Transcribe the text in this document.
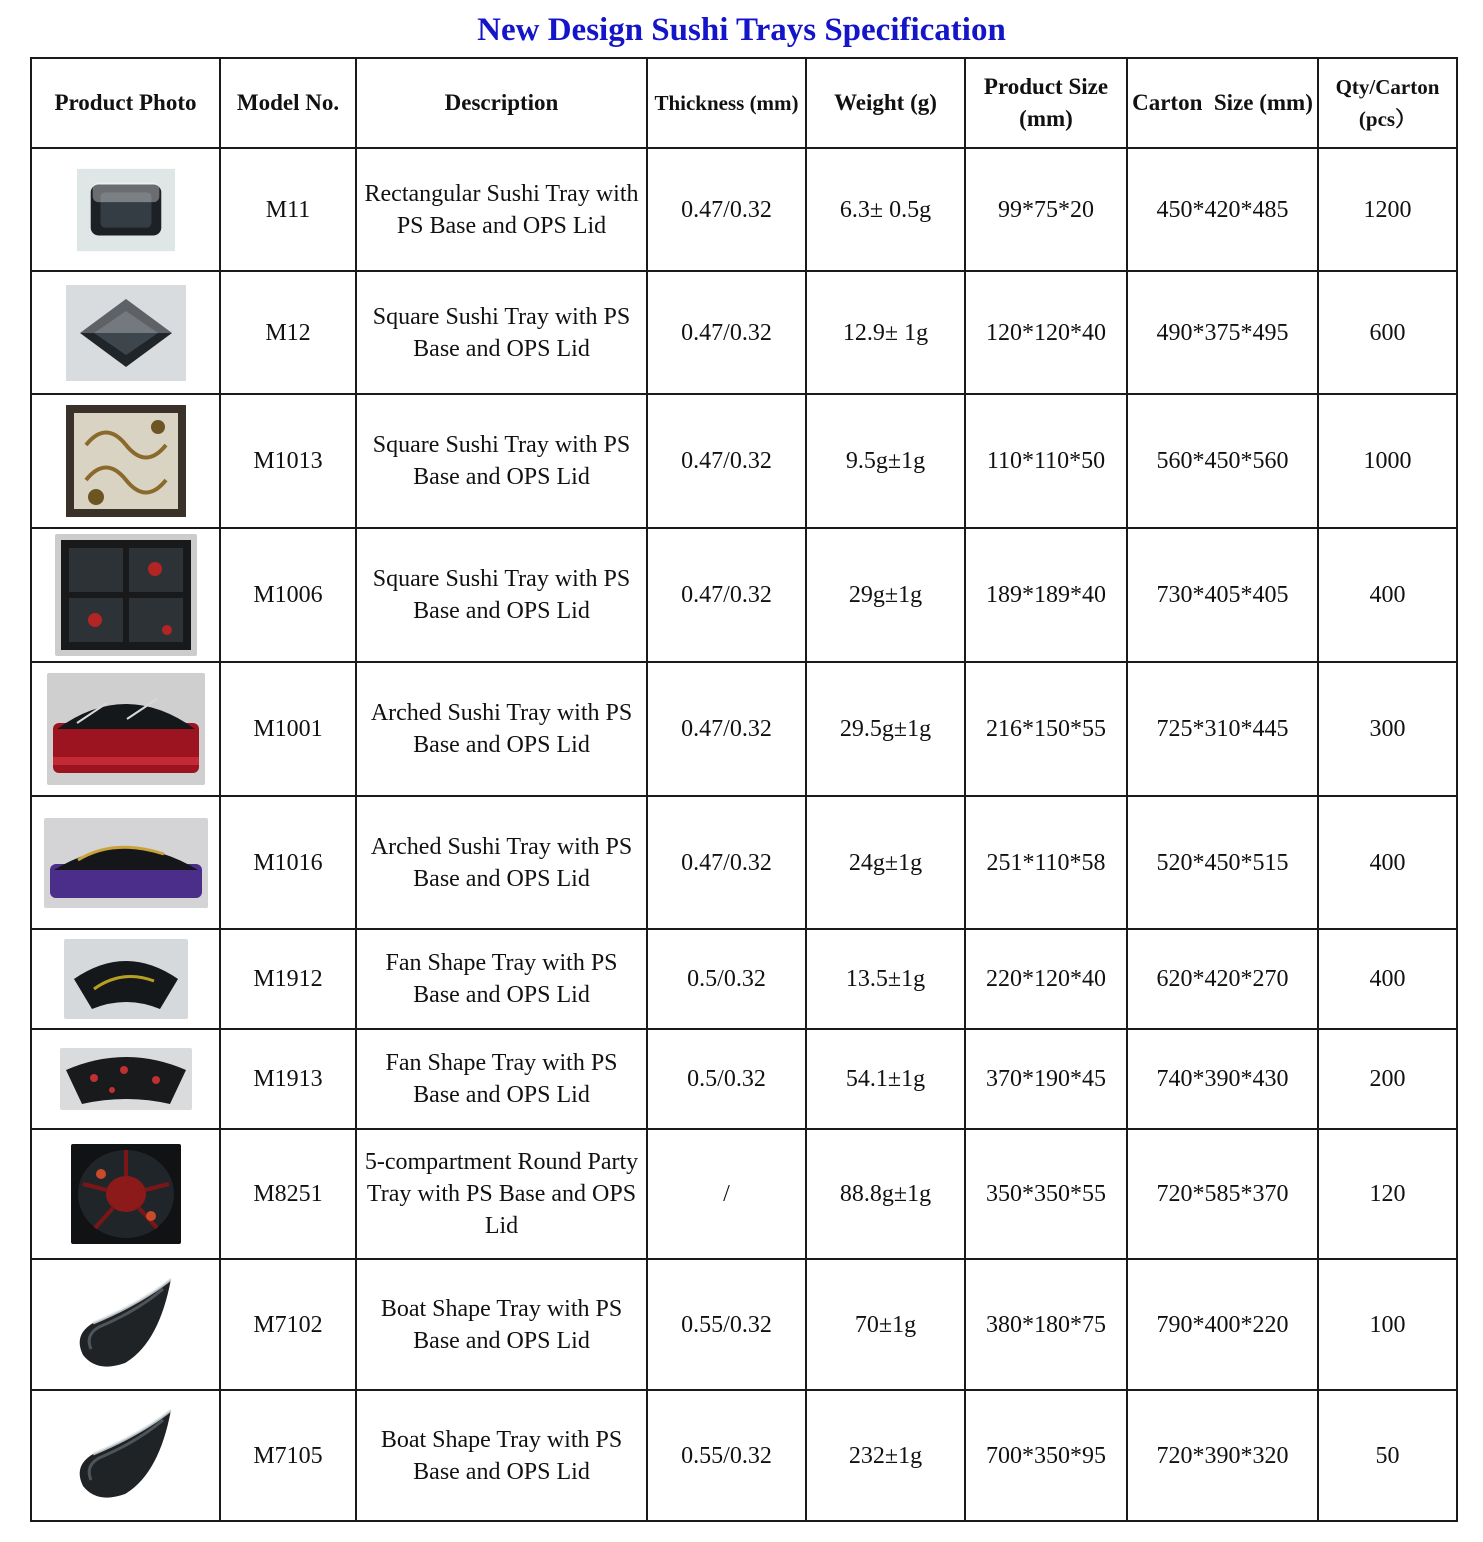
New Design Sushi Trays Specification
Product Photo	Model No.	Description	Thickness (mm)	Weight (g)	Product Size (mm)	Carton  Size (mm)	Qty/Carton (pcs）

M11	Rectangular Sushi Tray with PS Base and OPS Lid	0.47/0.32	6.3± 0.5g	99*75*20	450*420*485	1200

M12	Square Sushi Tray with PS Base and OPS Lid	0.47/0.32	12.9± 1g	120*120*40	490*375*495	600

M1013	Square Sushi Tray with PS Base and OPS Lid	0.47/0.32	9.5g±1g	110*110*50	560*450*560	1000

M1006	Square Sushi Tray with PS Base and OPS Lid	0.47/0.32	29g±1g	189*189*40	730*405*405	400

M1001	Arched Sushi Tray with PS Base and OPS Lid	0.47/0.32	29.5g±1g	216*150*55	725*310*445	300

M1016	Arched Sushi Tray with PS Base and OPS Lid	0.47/0.32	24g±1g	251*110*58	520*450*515	400

M1912	Fan Shape Tray with PS Base and OPS Lid	0.5/0.32	13.5±1g	220*120*40	620*420*270	400

M1913	Fan Shape Tray with PS Base and OPS Lid	0.5/0.32	54.1±1g	370*190*45	740*390*430	200

M8251	5-compartment Round Party Tray with PS Base and OPS Lid	/	88.8g±1g	350*350*55	720*585*370	120

M7102	Boat Shape Tray with PS Base and OPS Lid	0.55/0.32	70±1g	380*180*75	790*400*220	100

M7105	Boat Shape Tray with PS Base and OPS Lid	0.55/0.32	232±1g	700*350*95	720*390*320	50
